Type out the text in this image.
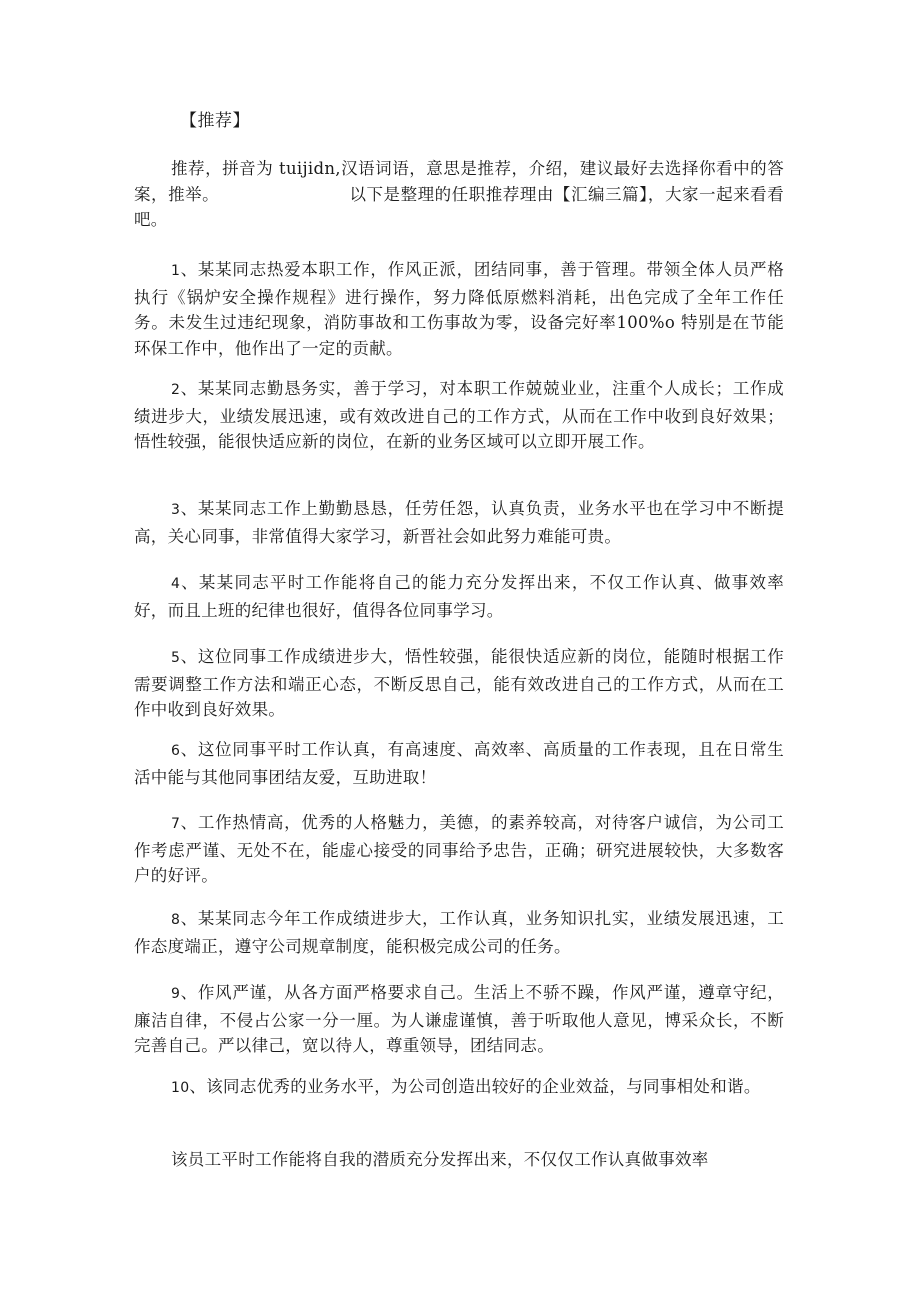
【推荐】

推荐，拼音为 tuijidn,汉语词语，意思是推荐，介绍，建议最好去选择你看中的答案，推举。	以下是整理的任职推荐理由【汇编三篇】，大家一起来看看吧。

1、某某同志热爱本职工作，作风正派，团结同事，善于管理。带领全体人员严格执行《锅炉安全操作规程》进行操作，努力降低原燃料消耗，出色完成了全年工作任务。未发生过违纪现象，消防事故和工伤事故为零，设备完好率100%o 特别是在节能环保工作中，他作出了一定的贡献。

2、某某同志勤恳务实，善于学习，对本职工作兢兢业业，注重个人成长；工作成绩进步大，业绩发展迅速，或有效改进自己的工作方式，从而在工作中收到良好效果；悟性较强，能很快适应新的岗位，在新的业务区域可以立即开展工作。

3、某某同志工作上勤勤恳恳，任劳任怨，认真负责，业务水平也在学习中不断提高，关心同事，非常值得大家学习，新晋社会如此努力难能可贵。

4、某某同志平时工作能将自己的能力充分发挥出来，不仅工作认真、做事效率好，而且上班的纪律也很好，值得各位同事学习。

5、这位同事工作成绩进步大，悟性较强，能很快适应新的岗位，能随时根据工作需要调整工作方法和端正心态，不断反思自己，能有效改进自己的工作方式，从而在工作中收到良好效果。

6、这位同事平时工作认真，有高速度、高效率、高质量的工作表现，且在日常生活中能与其他同事团结友爱，互助进取！

7、工作热情高，优秀的人格魅力，美德，的素养较高，对待客户诚信，为公司工作考虑严谨、无处不在，能虚心接受的同事给予忠告，正确；研究进展较快，大多数客户的好评。

8、某某同志今年工作成绩进步大，工作认真，业务知识扎实，业绩发展迅速，工作态度端正，遵守公司规章制度，能积极完成公司的任务。

9、作风严谨，从各方面严格要求自己。生活上不骄不躁，作风严谨，遵章守纪，廉洁自律，不侵占公家一分一厘。为人谦虚谨慎，善于听取他人意见，博采众长，不断完善自己。严以律己，宽以待人，尊重领导，团结同志。

10、该同志优秀的业务水平，为公司创造出较好的企业效益，与同事相处和谐。

该员工平时工作能将自我的潜质充分发挥出来，不仅仅工作认真做事效率
